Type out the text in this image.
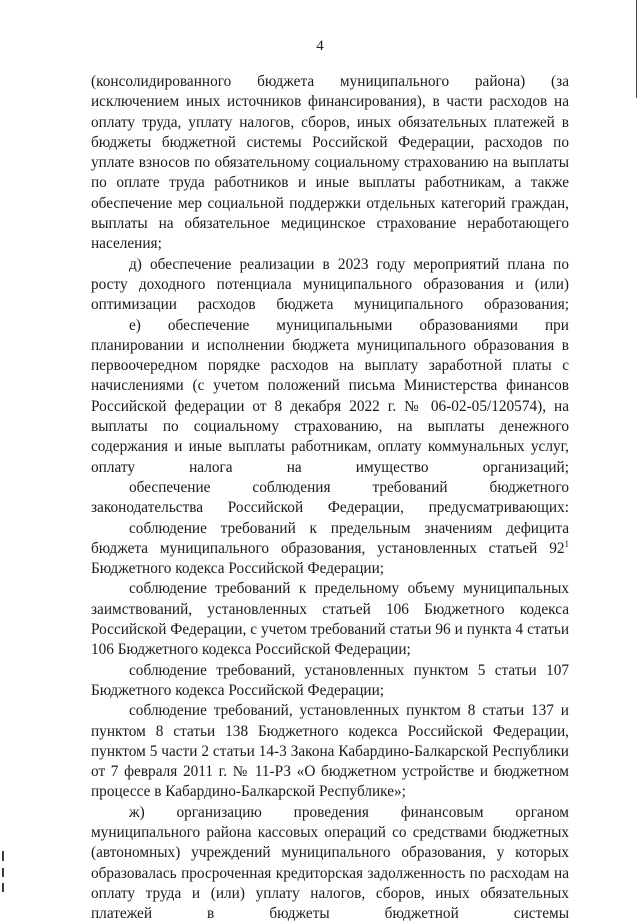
4

(консолидированного бюджета муниципального района) (за исключением иных источников финансирования), в части расходов на оплату труда, уплату налогов, сборов, иных обязательных платежей в бюджеты бюджетной системы Российской Федерации, расходов по уплате взносов по обязательному социальному страхованию на выплаты по оплате труда работников и иные выплаты работникам, а также обеспечение мер социальной поддержки отдельных категорий граждан, выплаты на обязательное медицинское страхование неработающего населения;

д) обеспечение реализации в 2023 году мероприятий плана по росту доходного потенциала муниципального образования и (или) оптимизации расходов бюджета муниципального образования;

е) обеспечение муниципальными образованиями при планировании и исполнении бюджета муниципального образования в первоочередном порядке расходов на выплату заработной платы с начислениями (с учетом положений письма Министерства финансов Российской федерации от 8 декабря 2022 г. № 06-02-05/120574), на выплаты по социальному страхованию, на выплаты денежного содержания и иные выплаты работникам, оплату коммунальных услуг, оплату налога на имущество организаций;

обеспечение соблюдения требований бюджетного законодательства Российской Федерации, предусматривающих:

соблюдение требований к предельным значениям дефицита бюджета муниципального образования, установленных статьей $92^1$ Бюджетного кодекса Российской Федерации;

соблюдение требований к предельному объему муниципальных заимствований, установленных статьей 106 Бюджетного кодекса Российской Федерации, с учетом требований статьи 96 и пункта 4 статьи 106 Бюджетного кодекса Российской Федерации;

соблюдение требований, установленных пунктом 5 статьи 107 Бюджетного кодекса Российской Федерации;

соблюдение требований, установленных пунктом 8 статьи 137 и пунктом 8 статьи 138 Бюджетного кодекса Российской Федерации, пунктом 5 части 2 статьи 14-3 Закона Кабардино-Балкарской Республики от 7 февраля 2011 г. № 11-РЗ «О бюджетном устройстве и бюджетном процессе в Кабардино-Балкарской Республике»;

ж) организацию проведения финансовым органом муниципального района кассовых операций со средствами бюджетных (автономных) учреждений муниципального образования, у которых образовалась просроченная кредиторская задолженность по расходам на оплату труда и (или) уплату налогов, сборов, иных обязательных платежей в бюджеты бюджетной системы
